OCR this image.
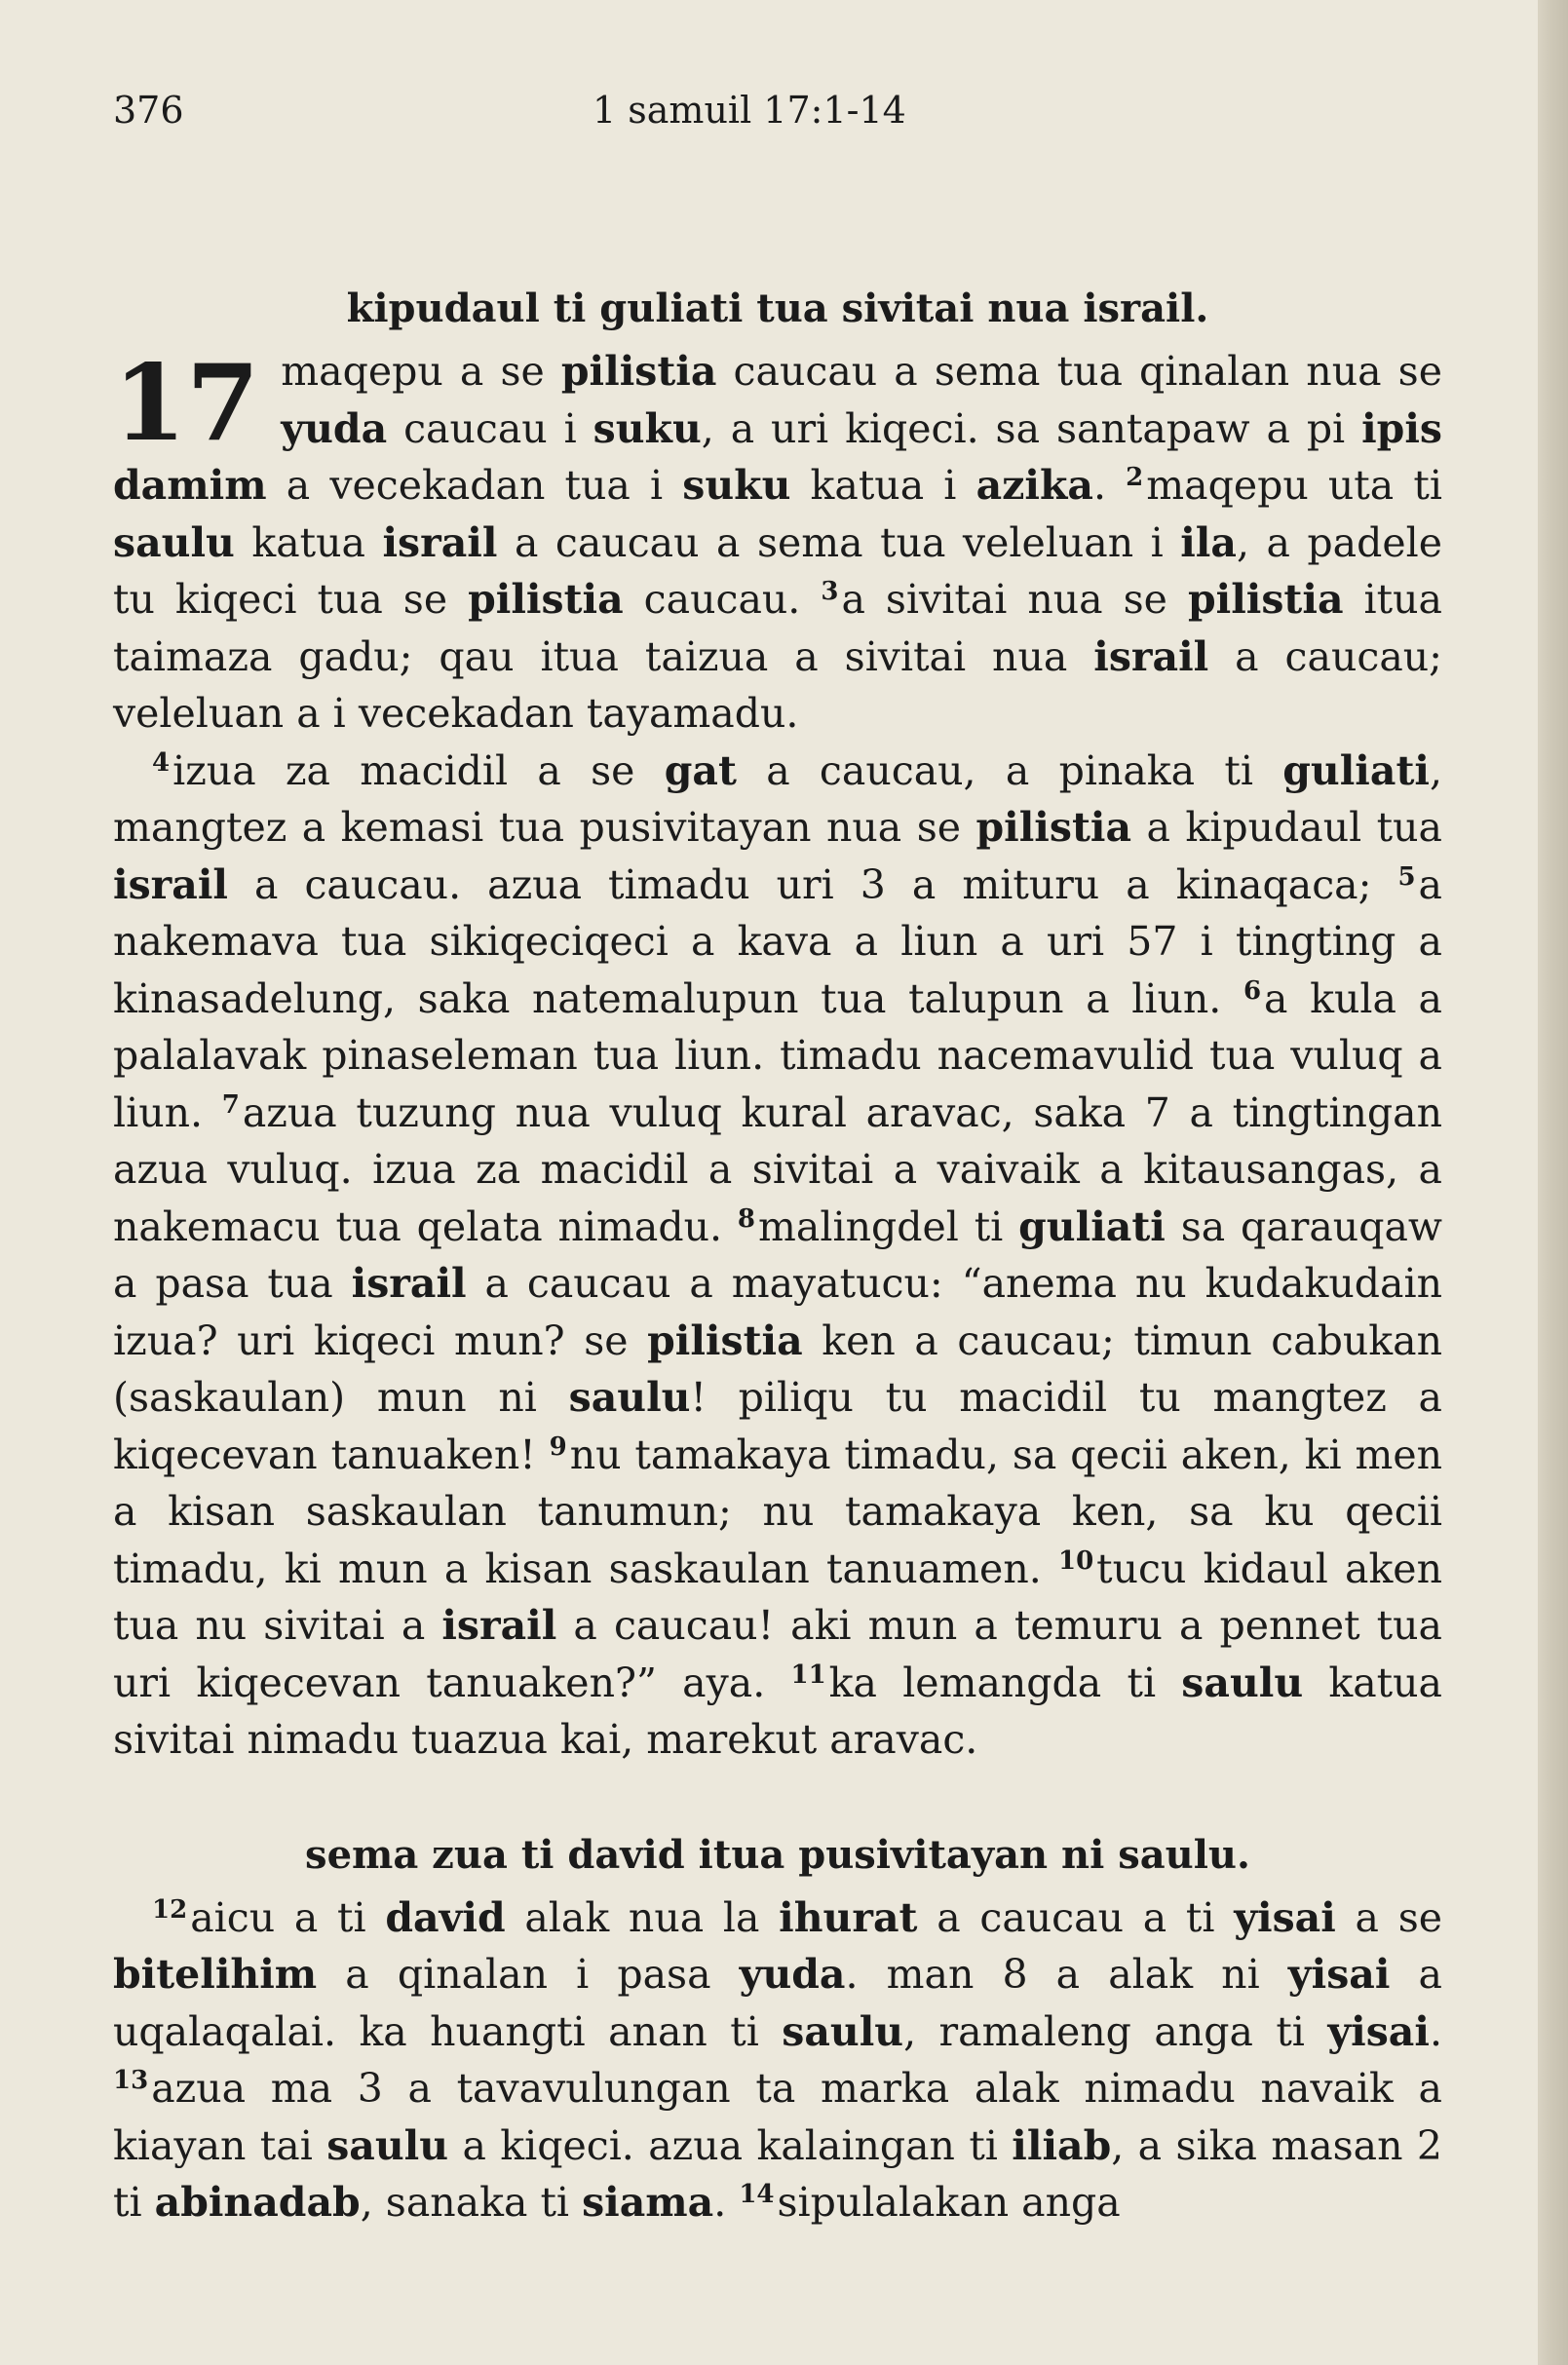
376	1 samuil 17:1-14
kipudaul ti guliati tua sivitai nua israil.

17 maqepu a se pilistia caucau a sema tua qinalan nua se yuda caucau i suku, a uri kiqeci. sa santapaw a pi ipis damim a vecekadan tua i suku katua i azika. $^2$maqepu uta ti saulu katua israil a caucau a sema tua veleluan i ila, a padele tu kiqeci tua se pilistia caucau. $^3$a sivitai nua se pilistia itua taimaza gadu; qau itua taizua a sivitai nua israil a caucau; veleluan a i vecekadan tayamadu.

$^4$izua za macidil a se gat a caucau, a pinaka ti guliati, mangtez a kemasi tua pusivitayan nua se pilistia a kipudaul tua israil a caucau. azua timadu uri 3 a mituru a kinaqaca; $^5$a nakemava tua sikiqeciqeci a kava a liun a uri 57 i tingting a kinasadelung, saka natemalupun tua talupun a liun. $^6$a kula a palalavak pinaseleman tua liun. timadu nacemavulid tua vuluq a liun. $^7$azua tuzung nua vuluq kural aravac, saka 7 a tingtingan azua vuluq. izua za macidil a sivitai a vaivaik a kitausangas, a nakemacu tua qelata nimadu. $^8$malingdel ti guliati sa qarauqaw a pasa tua israil a caucau a mayatucu: “anema nu kudakudain izua? uri kiqeci mun? se pilistia ken a caucau; timun cabukan (saskaulan) mun ni saulu! piliqu tu macidil tu mangtez a kiqecevan tanuaken! $^9$nu tamakaya timadu, sa qecii aken, ki men a kisan saskaulan tanumun; nu tamakaya ken, sa ku qecii timadu, ki mun a kisan saskaulan tanuamen. $^{10}$tucu kidaul aken tua nu sivitai a israil a caucau! aki mun a temuru a pennet tua uri kiqecevan tanuaken?” aya. $^{11}$ka lemangda ti saulu katua sivitai nimadu tuazua kai, marekut aravac.

sema zua ti david itua pusivitayan ni saulu.

$^{12}$aicu a ti david alak nua la ihurat a caucau a ti yisai a se bitelihim a qinalan i pasa yuda. man 8 a alak ni yisai a uqalaqalai. ka huangti anan ti saulu, ramaleng anga ti yisai. $^{13}$azua ma 3 a tavavulungan ta marka alak nimadu navaik a kiayan tai saulu a kiqeci. azua kalaingan ti iliab, a sika masan 2 ti abinadab, sanaka ti siama. $^{14}$sipulalakan anga
